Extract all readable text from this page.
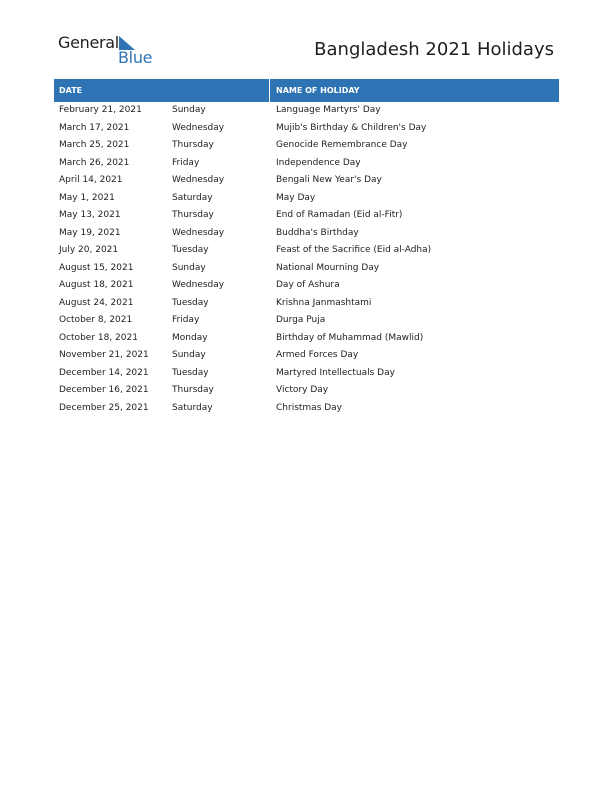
General
Blue	Bangladesh 2021 Holidays
DATE	NAME OF HOLIDAY
February 21, 2021	Sunday	Language Martyrs' Day
March 17, 2021	Wednesday	Mujib's Birthday & Children's Day
March 25, 2021	Thursday	Genocide Remembrance Day
March 26, 2021	Friday	Independence Day
April 14, 2021	Wednesday	Bengali New Year's Day
May 1, 2021	Saturday	May Day
May 13, 2021	Thursday	End of Ramadan (Eid al-Fitr)
May 19, 2021	Wednesday	Buddha's Birthday
July 20, 2021	Tuesday	Feast of the Sacrifice (Eid al-Adha)
August 15, 2021	Sunday	National Mourning Day
August 18, 2021	Wednesday	Day of Ashura
August 24, 2021	Tuesday	Krishna Janmashtami
October 8, 2021	Friday	Durga Puja
October 18, 2021	Monday	Birthday of Muhammad (Mawlid)
November 21, 2021	Sunday	Armed Forces Day
December 14, 2021	Tuesday	Martyred Intellectuals Day
December 16, 2021	Thursday	Victory Day
December 25, 2021	Saturday	Christmas Day
